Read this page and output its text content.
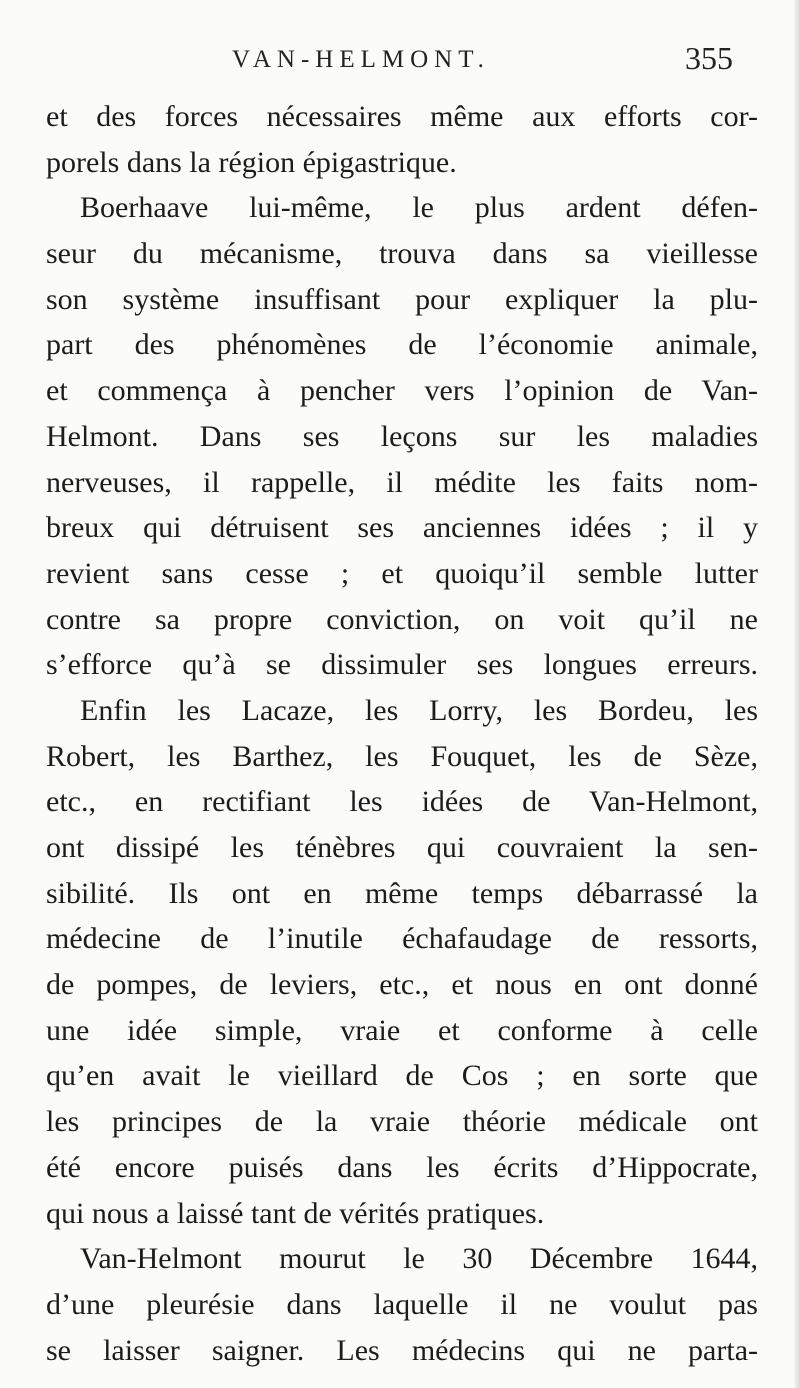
VAN-HELMONT.	355
et des forces nécessaires même aux efforts cor-
porels dans la région épigastrique.
Boerhaave lui-même, le plus ardent défen-
seur du mécanisme, trouva dans sa vieillesse
son système insuffisant pour expliquer la plu-
part des phénomènes de l’économie animale,
et commença à pencher vers l’opinion de Van-
Helmont. Dans ses leçons sur les maladies
nerveuses, il rappelle, il médite les faits nom-
breux qui détruisent ses anciennes idées ; il y
revient sans cesse ; et quoiqu’il semble lutter
contre sa propre conviction, on voit qu’il ne
s’efforce qu’à se dissimuler ses longues erreurs.
Enfin les Lacaze, les Lorry, les Bordeu, les
Robert, les Barthez, les Fouquet, les de Sèze,
etc., en rectifiant les idées de Van-Helmont,
ont dissipé les ténèbres qui couvraient la sen-
sibilité. Ils ont en même temps débarrassé la
médecine de l’inutile échafaudage de ressorts,
de pompes, de leviers, etc., et nous en ont donné
une idée simple, vraie et conforme à celle
qu’en avait le vieillard de Cos ; en sorte que
les principes de la vraie théorie médicale ont
été encore puisés dans les écrits d’Hippocrate,
qui nous a laissé tant de vérités pratiques.
Van-Helmont mourut le 30 Décembre 1644,
d’une pleurésie dans laquelle il ne voulut pas
se laisser saigner. Les médecins qui ne parta-
